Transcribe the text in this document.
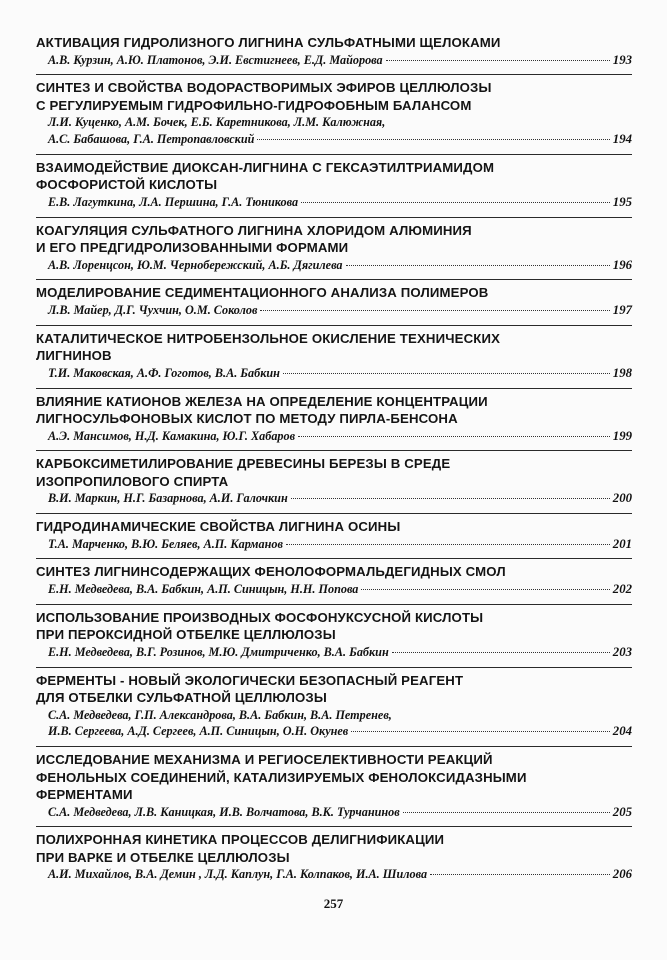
АКТИВАЦИЯ ГИДРОЛИЗНОГО ЛИГНИНА СУЛЬФАТНЫМИ ЩЕЛОКАМИ
А.В. Курзин, А.Ю. Платонов, Э.И. Евстигнеев, Е.Д. Майорова	193
СИНТЕЗ И СВОЙСТВА ВОДОРАСТВОРИМЫХ ЭФИРОВ ЦЕЛЛЮЛОЗЫ
С РЕГУЛИРУЕМЫМ ГИДРОФИЛЬНО-ГИДРОФОБНЫМ БАЛАНСОМ
Л.И. Куценко, А.М. Бочек, Е.Б. Каретникова, Л.М. Калюжная,
А.С. Бабашова, Г.А. Петропавловский	194
ВЗАИМОДЕЙСТВИЕ ДИОКСАН-ЛИГНИНА С ГЕКСАЭТИЛТРИАМИДОМ
ФОСФОРИСТОЙ КИСЛОТЫ
Е.В. Лагуткина, Л.А. Першина, Г.А. Тюникова	195
КОАГУЛЯЦИЯ СУЛЬФАТНОГО ЛИГНИНА ХЛОРИДОМ АЛЮМИНИЯ
И ЕГО ПРЕДГИДРОЛИЗОВАННЫМИ ФОРМАМИ
А.В. Лоренцсон, Ю.М. Чернобережский, А.Б. Дягилева	196
МОДЕЛИРОВАНИЕ СЕДИМЕНТАЦИОННОГО АНАЛИЗА ПОЛИМЕРОВ
Л.В. Майер, Д.Г. Чухчин, О.М. Соколов	197
КАТАЛИТИЧЕСКОЕ НИТРОБЕНЗОЛЬНОЕ ОКИСЛЕНИЕ ТЕХНИЧЕСКИХ
ЛИГНИНОВ
Т.И. Маковская, А.Ф. Гоготов, В.А. Бабкин	198
ВЛИЯНИЕ КАТИОНОВ ЖЕЛЕЗА НА ОПРЕДЕЛЕНИЕ КОНЦЕНТРАЦИИ
ЛИГНОСУЛЬФОНОВЫХ КИСЛОТ ПО МЕТОДУ ПИРЛА-БЕНСОНА
А.Э. Мансимов, Н.Д. Камакина, Ю.Г. Хабаров	199
КАРБОКСИМЕТИЛИРОВАНИЕ ДРЕВЕСИНЫ БЕРЕЗЫ В СРЕДЕ
ИЗОПРОПИЛОВОГО СПИРТА
В.И. Маркин, Н.Г. Базарнова, А.И. Галочкин	200
ГИДРОДИНАМИЧЕСКИЕ СВОЙСТВА ЛИГНИНА ОСИНЫ
Т.А. Марченко, В.Ю. Беляев, А.П. Карманов	201
СИНТЕЗ ЛИГНИНСОДЕРЖАЩИХ ФЕНОЛОФОРМАЛЬДЕГИДНЫХ СМОЛ
Е.Н. Медведева, В.А. Бабкин, А.П. Синицын, Н.Н. Попова	202
ИСПОЛЬЗОВАНИЕ ПРОИЗВОДНЫХ ФОСФОНУКСУСНОЙ КИСЛОТЫ
ПРИ ПЕРОКСИДНОЙ ОТБЕЛКЕ ЦЕЛЛЮЛОЗЫ
Е.Н. Медведева, В.Г. Розинов, М.Ю. Дмитриченко, В.А. Бабкин	203
ФЕРМЕНТЫ - НОВЫЙ ЭКОЛОГИЧЕСКИ БЕЗОПАСНЫЙ РЕАГЕНТ
ДЛЯ ОТБЕЛКИ СУЛЬФАТНОЙ ЦЕЛЛЮЛОЗЫ
С.А. Медведева, Г.П. Александрова, В.А. Бабкин, В.А. Петренев,
И.В. Сергеева, А.Д. Сергеев, А.П. Синицын, О.Н. Окунев	204
ИССЛЕДОВАНИЕ МЕХАНИЗМА И РЕГИОСЕЛЕКТИВНОСТИ РЕАКЦИЙ
ФЕНОЛЬНЫХ СОЕДИНЕНИЙ, КАТАЛИЗИРУЕМЫХ ФЕНОЛОКСИДАЗНЫМИ
ФЕРМЕНТАМИ
С.А. Медведева, Л.В. Каницкая, И.В. Волчатова, В.К. Турчанинов	205
ПОЛИХРОННАЯ КИНЕТИКА ПРОЦЕССОВ ДЕЛИГНИФИКАЦИИ
ПРИ ВАРКЕ И ОТБЕЛКЕ ЦЕЛЛЮЛОЗЫ
А.И. Михайлов, В.А. Демин , Л.Д. Каплун, Г.А. Колпаков, И.А. Шилова	206
257
